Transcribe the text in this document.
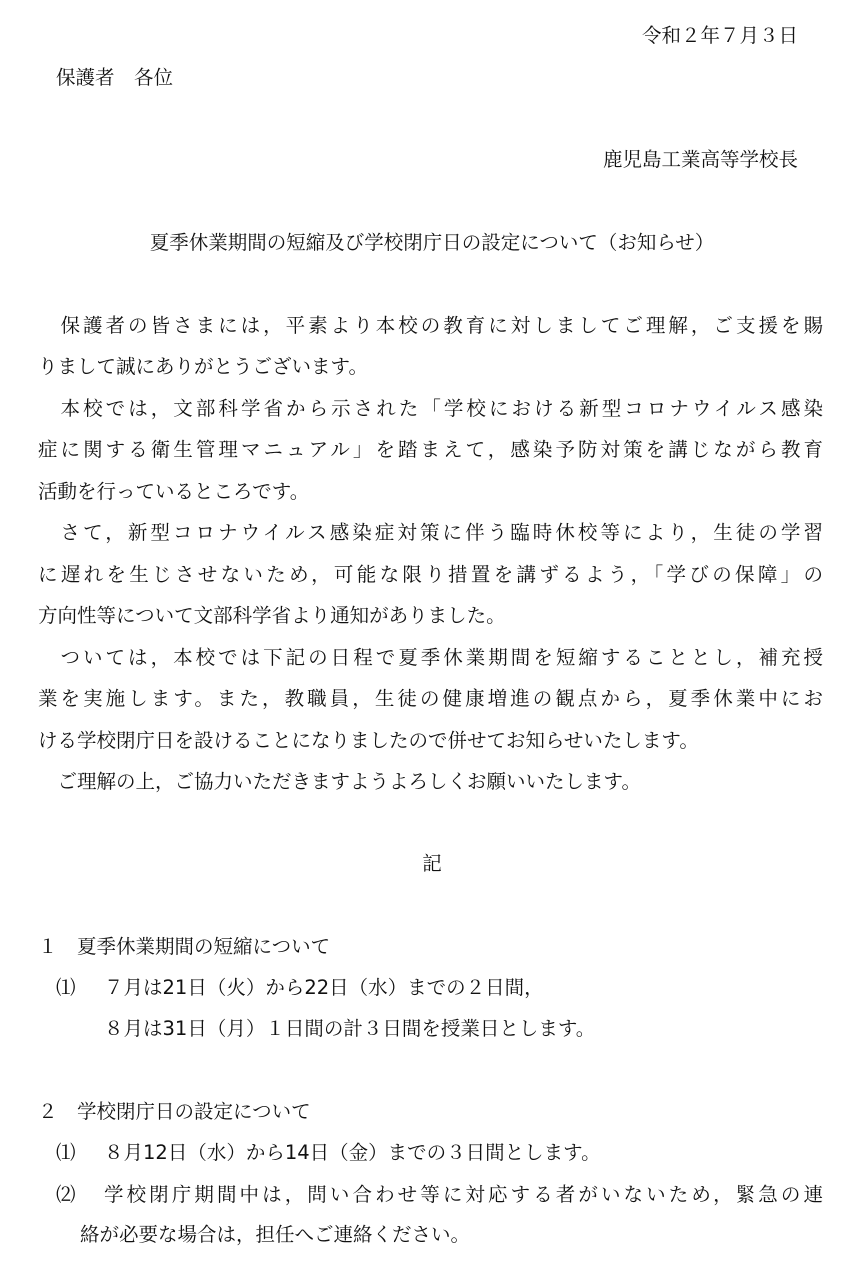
令和２年７月３日

保護者　各位

鹿児島工業高等学校長

夏季休業期間の短縮及び学校閉庁日の設定について（お知らせ）

　保護者の皆さまには，平素より本校の教育に対しましてご理解，ご支援を賜

りまして誠にありがとうございます。

　本校では，文部科学省から示された「学校における新型コロナウイルス感染

症に関する衛生管理マニュアル」を踏まえて，感染予防対策を講じながら教育

活動を行っているところです。

　さて，新型コロナウイルス感染症対策に伴う臨時休校等により，生徒の学習

に遅れを生じさせないため，可能な限り措置を講ずるよう，「学びの保障」の

方向性等について文部科学省より通知がありました。

　ついては，本校では下記の日程で夏季休業期間を短縮することとし，補充授

業を実施します。また，教職員，生徒の健康増進の観点から，夏季休業中にお

ける学校閉庁日を設けることになりましたので併せてお知らせいたします。

　ご理解の上，ご協力いただきますようよろしくお願いいたします。

記

１　夏季休業期間の短縮について

⑴ ７月は21日（火）から22日（水）までの２日間，

８月は31日（月）１日間の計３日間を授業日とします。

２　学校閉庁日の設定について

⑴ ８月12日（水）から14日（金）までの３日間とします。

⑵ 学校閉庁期間中は，問い合わせ等に対応する者がいないため，緊急の連

絡が必要な場合は，担任へご連絡ください。
